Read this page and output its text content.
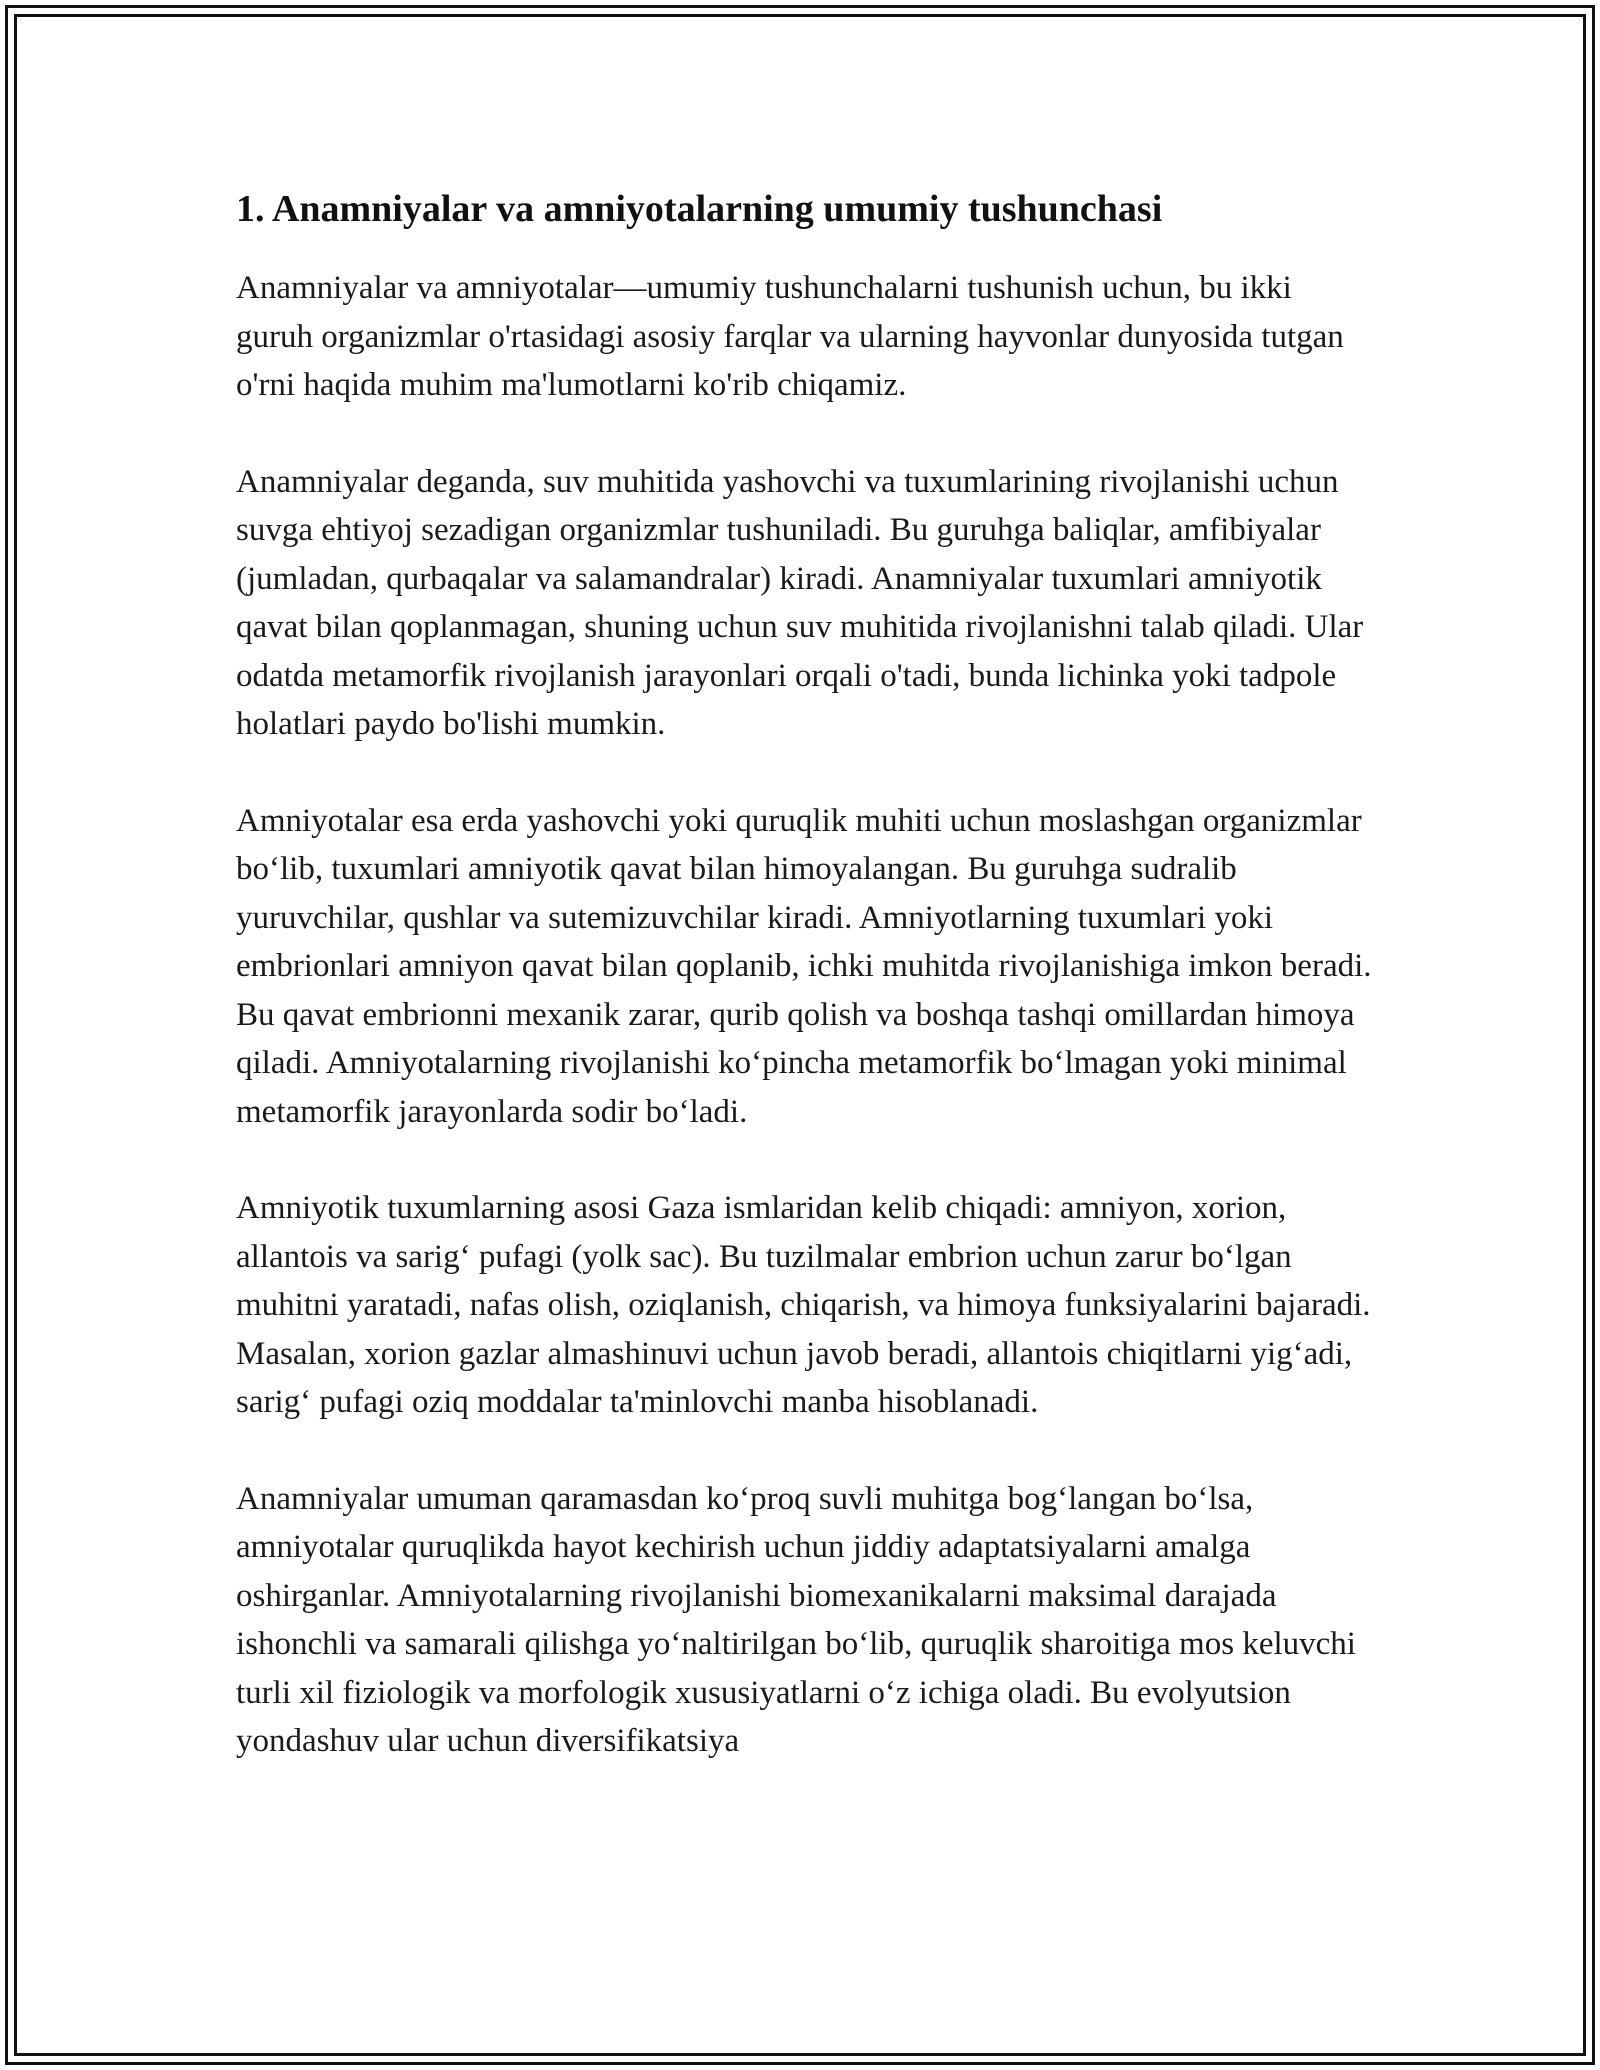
1. Anamniyalar va amniyotalarning umumiy tushunchasi

Anamniyalar va amniyotalar—umumiy tushunchalarni tushunish uchun, bu ikki guruh organizmlar o'rtasidagi asosiy farqlar va ularning hayvonlar dunyosida tutgan o'rni haqida muhim ma'lumotlarni ko'rib chiqamiz.

Anamniyalar deganda, suv muhitida yashovchi va tuxumlarining rivojlanishi uchun suvga ehtiyoj sezadigan organizmlar tushuniladi. Bu guruhga baliqlar, amfibiyalar (jumladan, qurbaqalar va salamandralar) kiradi. Anamniyalar tuxumlari amniyotik qavat bilan qoplanmagan, shuning uchun suv muhitida rivojlanishni talab qiladi. Ular odatda metamorfik rivojlanish jarayonlari orqali o'tadi, bunda lichinka yoki tadpole holatlari paydo bo'lishi mumkin.

Amniyotalar esa erda yashovchi yoki quruqlik muhiti uchun moslashgan organizmlar bo‘lib, tuxumlari amniyotik qavat bilan himoyalangan. Bu guruhga sudralib yuruvchilar, qushlar va sutemizuvchilar kiradi. Amniyotlarning tuxumlari yoki embrionlari amniyon qavat bilan qoplanib, ichki muhitda rivojlanishiga imkon beradi. Bu qavat embrionni mexanik zarar, qurib qolish va boshqa tashqi omillardan himoya qiladi. Amniyotalarning rivojlanishi ko‘pincha metamorfik bo‘lmagan yoki minimal metamorfik jarayonlarda sodir bo‘ladi.

Amniyotik tuxumlarning asosi Gaza ismlaridan kelib chiqadi: amniyon, xorion, allantois va sarig‘ pufagi (yolk sac). Bu tuzilmalar embrion uchun zarur bo‘lgan muhitni yaratadi, nafas olish, oziqlanish, chiqarish, va himoya funksiyalarini bajaradi. Masalan, xorion gazlar almashinuvi uchun javob beradi, allantois chiqitlarni yig‘adi, sarig‘ pufagi oziq moddalar ta'minlovchi manba hisoblanadi.

Anamniyalar umuman qaramasdan ko‘proq suvli muhitga bog‘langan bo‘lsa, amniyotalar quruqlikda hayot kechirish uchun jiddiy adaptatsiyalarni amalga oshirganlar. Amniyotalarning rivojlanishi biomexanikalarni maksimal darajada ishonchli va samarali qilishga yo‘naltirilgan bo‘lib, quruqlik sharoitiga mos keluvchi turli xil fiziologik va morfologik xususiyatlarni o‘z ichiga oladi. Bu evolyutsion yondashuv ular uchun diversifikatsiya
